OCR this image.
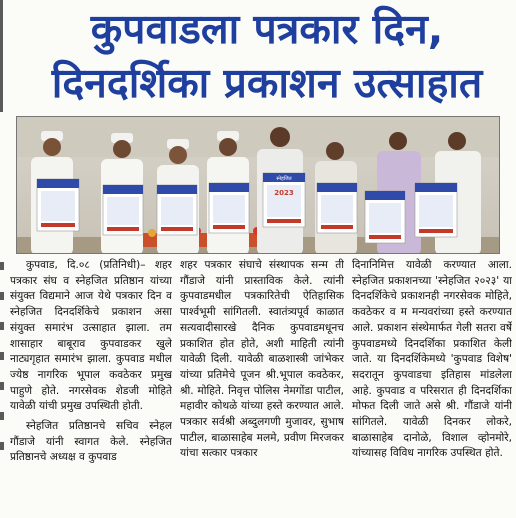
कुपवाडला पत्रकार दिन,
दिनदर्शिका प्रकाशन उत्साहात
स्नेहजित
2023

कुपवाड, दि.०८ (प्रतिनिधी)– शहर पत्रकार संघ व स्नेहजित प्रतिष्ठान यांच्या संयुक्त विद्यमाने आज येथे पत्रकार दिन व स्नेहजित दिनदर्शिकेचे प्रकाशन असा संयुक्त समारंभ उत्साहात झाला. तम शासाहार बाबूराव कुपवाडकर खुले नाट्यगृहात समारंभ झाला. कुपवाड मधील ज्येष्ठ नागरिक भूपाल कवठेकर प्रमुख पाहुणे होते. नगरसेवक शेडजी मोहिते यावेळी यांची प्रमुख उपस्थिती होती.

स्नेहजित प्रतिष्ठानचे सचिव स्नेहल गौंडाजे यांनी स्वागत केले. स्नेहजित प्रतिष्ठानचे अध्यक्ष व कुपवाड

शहर पत्रकार संघाचे संस्थापक सन्म ती गौंडाजे यांनी प्रास्ताविक केले. त्यांनी कुपवाडमधील पत्रकारितेची ऐतिहासिक पार्श्वभूमी सांगितली. स्वातंत्र्यपूर्व काळात सत्यवादीसारखे दैनिक कुपवाडमधूनच प्रकाशित होत होते, अशी माहिती त्यांनी यावेळी दिली. यावेळी बाळशास्त्री जांभेकर यांच्या प्रतिमेचे पूजन श्री.भूपाल कवठेकर, श्री. मोहिते. निवृत्त पोलिस नेमगोंडा पाटील, महावीर कोथळे यांच्या हस्ते करण्यात आले. पत्रकार सर्वश्री अब्दुलगणी मुजावर, सुभाष पाटील, बाळासाहेब मलमे, प्रवीण मिरजकर यांचा सत्कार पत्रकार

दिनानिमित्त यावेळी करण्यात आला. स्नेहजित प्रकाशनच्या 'स्नेहजित २०२३' या दिनदर्शिकेचे प्रकाशनही नगरसेवक मोहिते, कवठेकर व म मन्यवरांच्या हस्ते करण्यात आले. प्रकाशन संस्थेमार्फत गेली सतरा वर्षे कुपवाडमध्ये दिनदर्शिका प्रकाशित केली जाते. या दिनदर्शिकेमध्ये 'कुपवाड विशेष' सदरातून कुपवाडचा इतिहास मांडलेला आहे. कुपवाड व परिसरात ही दिनदर्शिका मोफत दिली जाते असे श्री. गौंडाजे यांनी सांगितले. यावेळी दिनकर लोकरे, बाळासाहेब दानोळे, विशाल व्होनमोरे, यांच्यासह विविध नागरिक उपस्थित होते.
